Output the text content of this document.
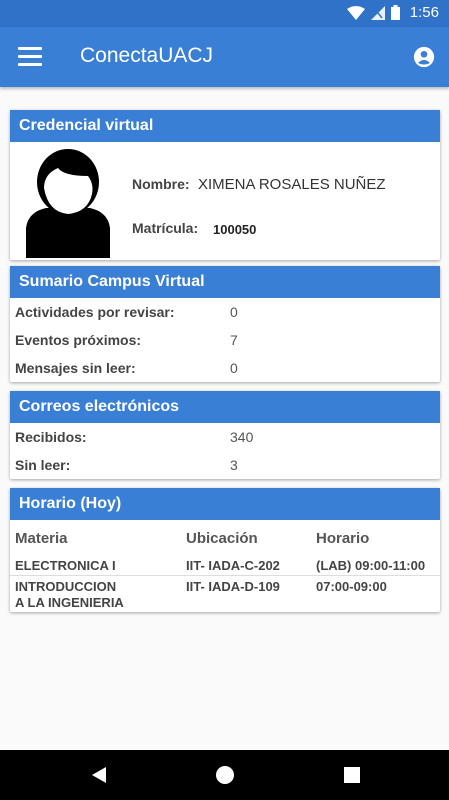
1:56
ConectaUACJ
Credencial virtual
Nombre: XIMENA ROSALES NUÑEZ
Matrícula: 100050
Sumario Campus Virtual
Actividades por revisar:	0
Eventos próximos:	7
Mensajes sin leer:	0
Correos electrónicos
Recibidos:	340
Sin leer:	3
Horario (Hoy)
Materia	Ubicación	Horario
ELECTRONICA I	IIT- IADA-C-202	(LAB) 09:00-11:00
INTRODUCCION
A LA INGENIERIA
IIT- IADA-D-109	07:00-09:00
